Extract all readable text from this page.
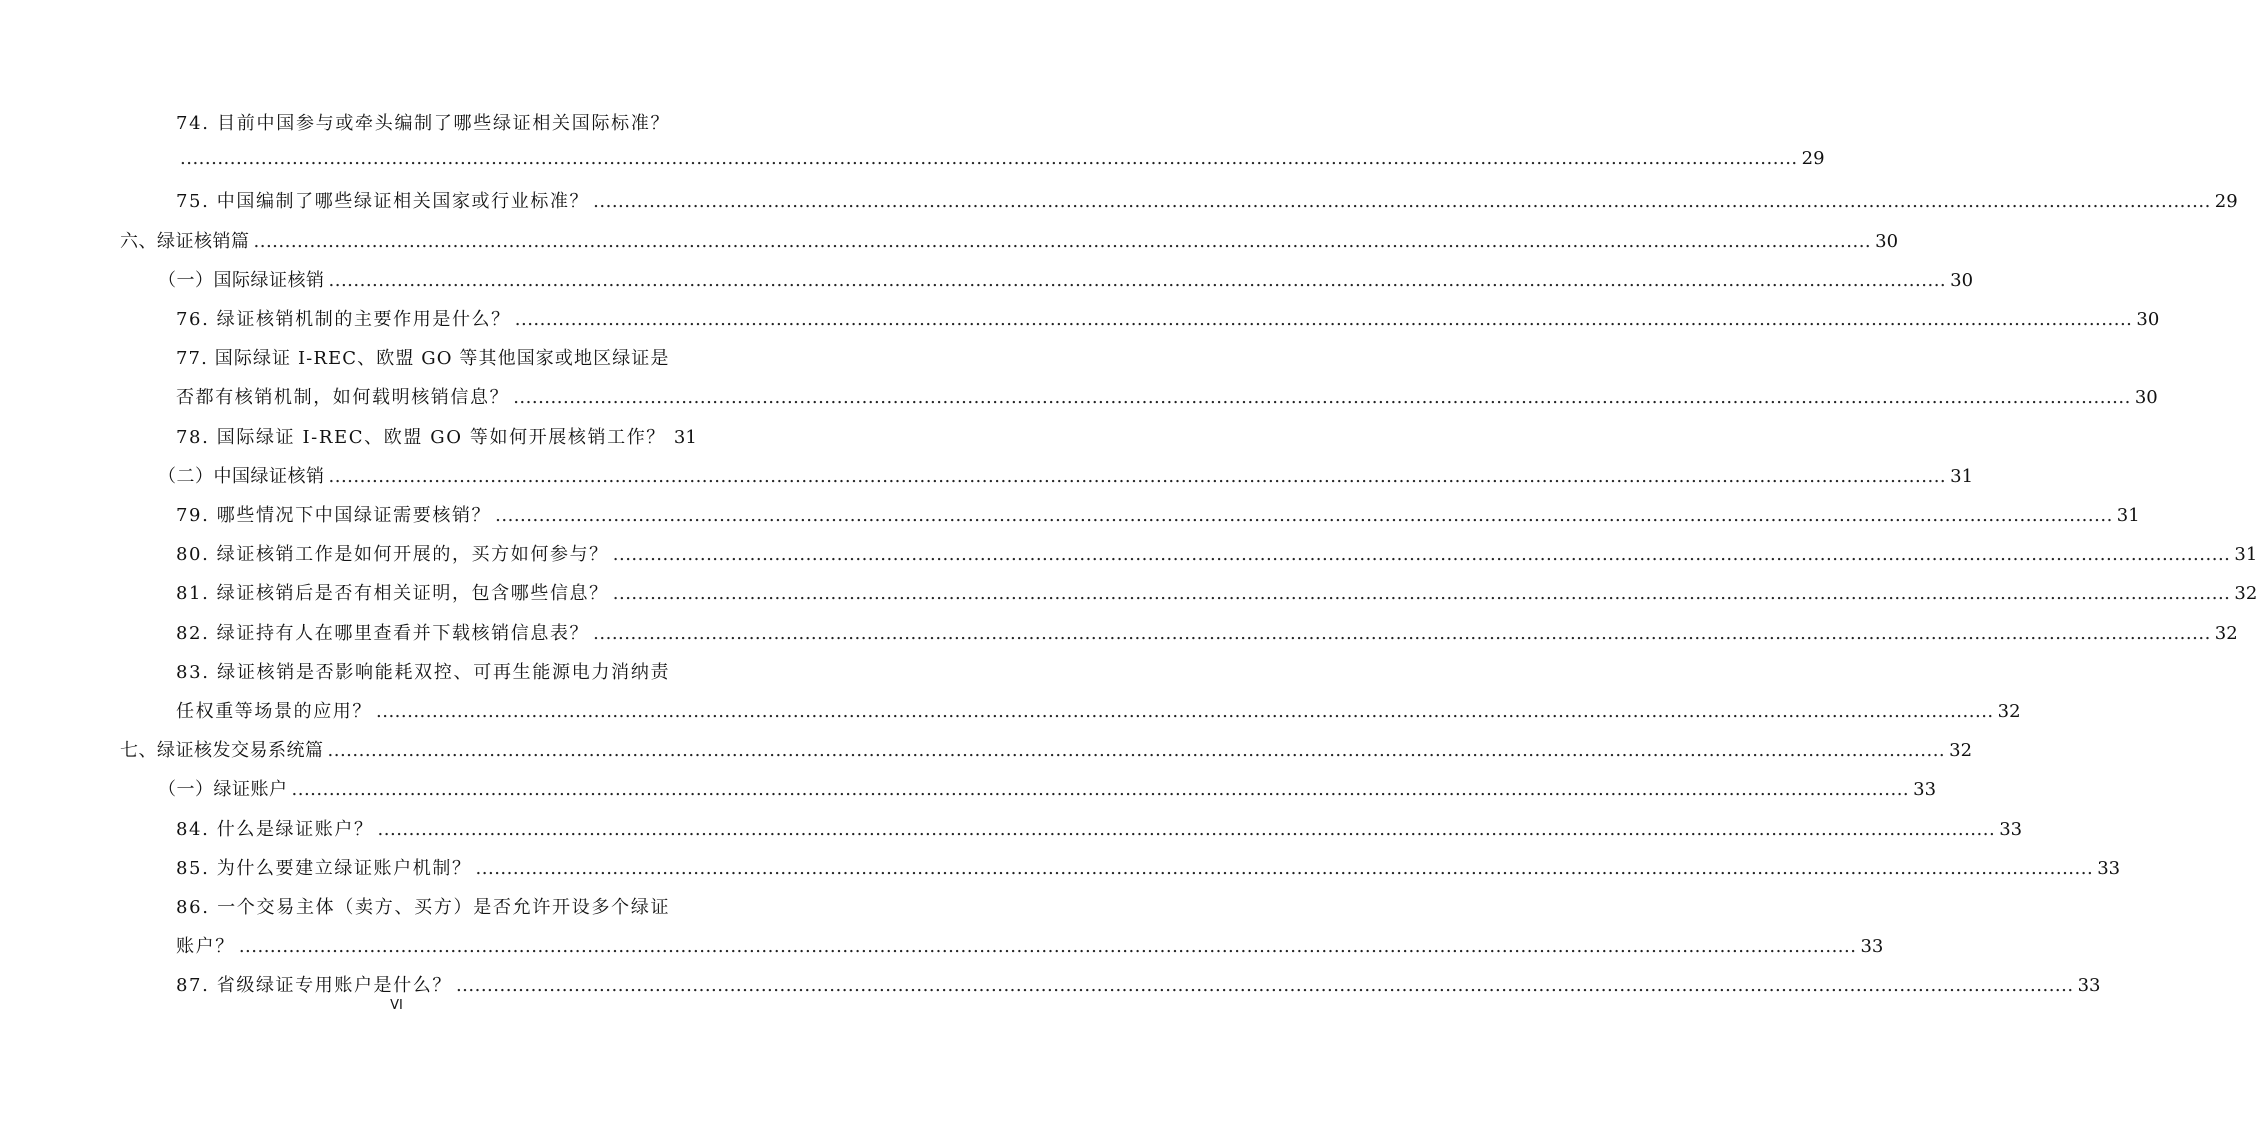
74. 目前中国参与或牵头编制了哪些绿证相关国际标准？
.................................................................................................................................................................................................................................................................... 29
75. 中国编制了哪些绿证相关国家或行业标准？ .................................................................................................................................................................................................................................................................... 29
六、绿证核销篇 .................................................................................................................................................................................................................................................................... 30
（一）国际绿证核销 .................................................................................................................................................................................................................................................................... 30
76. 绿证核销机制的主要作用是什么？ .................................................................................................................................................................................................................................................................... 30
77. 国际绿证 I-REC、欧盟 GO 等其他国家或地区绿证是
否都有核销机制，如何载明核销信息？ .................................................................................................................................................................................................................................................................... 30
78. 国际绿证 I-REC、欧盟 GO 等如何开展核销工作？ 31
（二）中国绿证核销 .................................................................................................................................................................................................................................................................... 31
79. 哪些情况下中国绿证需要核销？ .................................................................................................................................................................................................................................................................... 31
80. 绿证核销工作是如何开展的，买方如何参与？ .................................................................................................................................................................................................................................................................... 31
81. 绿证核销后是否有相关证明，包含哪些信息？ .................................................................................................................................................................................................................................................................... 32
82. 绿证持有人在哪里查看并下载核销信息表？ .................................................................................................................................................................................................................................................................... 32
83. 绿证核销是否影响能耗双控、可再生能源电力消纳责
任权重等场景的应用？ .................................................................................................................................................................................................................................................................... 32
七、绿证核发交易系统篇 .................................................................................................................................................................................................................................................................... 32
（一）绿证账户 .................................................................................................................................................................................................................................................................... 33
84. 什么是绿证账户？ .................................................................................................................................................................................................................................................................... 33
85. 为什么要建立绿证账户机制？ .................................................................................................................................................................................................................................................................... 33
86. 一个交易主体（卖方、买方）是否允许开设多个绿证
账户？ .................................................................................................................................................................................................................................................................... 33
87. 省级绿证专用账户是什么？ .................................................................................................................................................................................................................................................................... 33
VI
